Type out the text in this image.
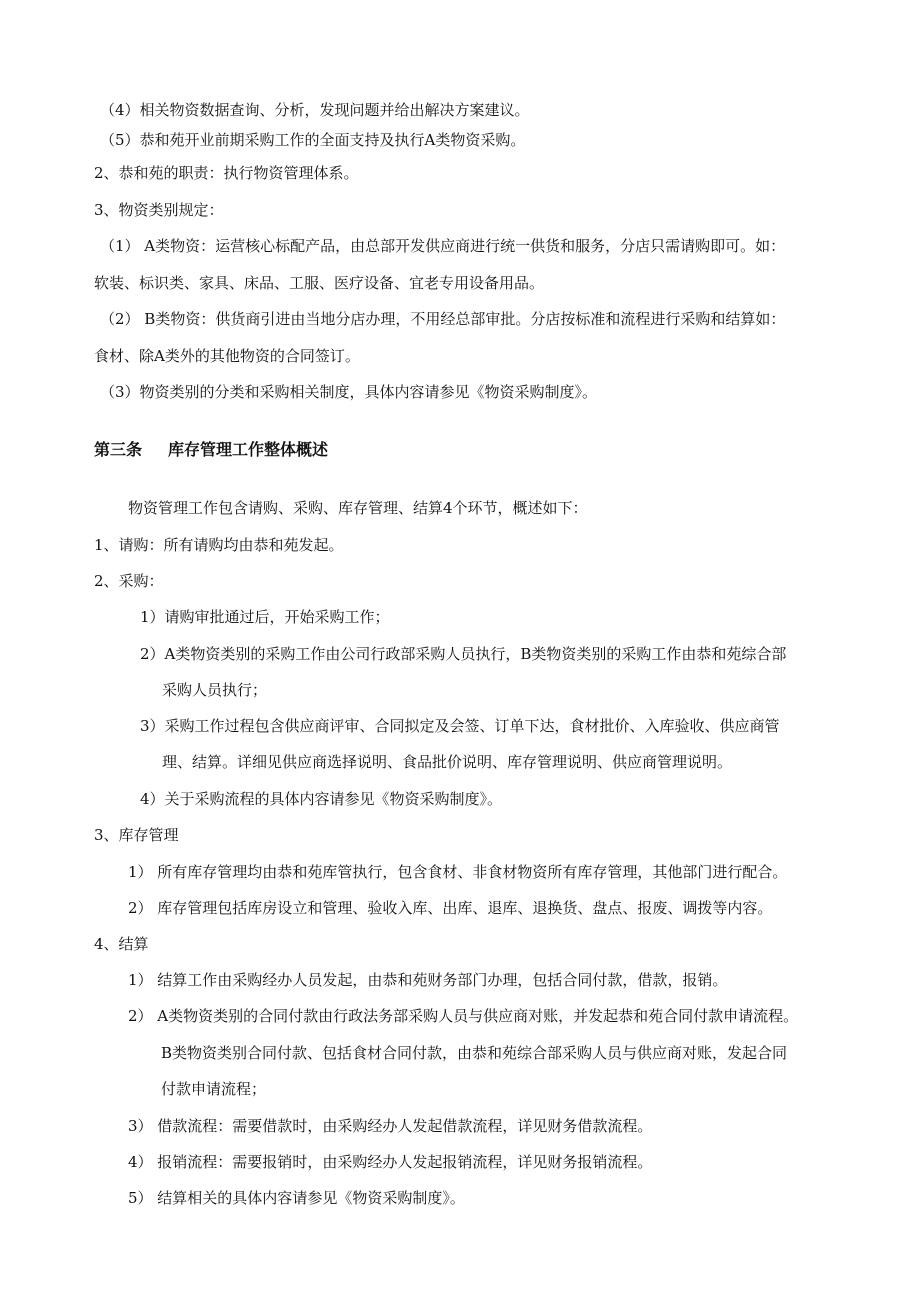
（4）相关物资数据查询、分析，发现问题并给出解决方案建议。
（5）恭和苑开业前期采购工作的全面支持及执行A类物资采购。
2、恭和苑的职责：执行物资管理体系。
3、物资类别规定：
（1） A类物资：运营核心标配产品，由总部开发供应商进行统一供货和服务，分店只需请购即可。如：
软装、标识类、家具、床品、工服、医疗设备、宜老专用设备用品。
（2） B类物资：供货商引进由当地分店办理，不用经总部审批。分店按标准和流程进行采购和结算如：
食材、除A类外的其他物资的合同签订。
（3）物资类别的分类和采购相关制度，具体内容请参见《物资采购制度》。
第三条 库存管理工作整体概述
物资管理工作包含请购、采购、库存管理、结算4个环节，概述如下：
1、请购：所有请购均由恭和苑发起。
2、采购：
1）请购审批通过后，开始采购工作；
2）A类物资类别的采购工作由公司行政部采购人员执行，B类物资类别的采购工作由恭和苑综合部
采购人员执行；
3）采购工作过程包含供应商评审、合同拟定及会签、订单下达，食材批价、入库验收、供应商管
理、结算。详细见供应商选择说明、食品批价说明、库存管理说明、供应商管理说明。
4）关于采购流程的具体内容请参见《物资采购制度》。
3、库存管理
1） 所有库存管理均由恭和苑库管执行，包含食材、非食材物资所有库存管理，其他部门进行配合。
2） 库存管理包括库房设立和管理、验收入库、出库、退库、退换货、盘点、报废、调拨等内容。
4、结算
1） 结算工作由采购经办人员发起，由恭和苑财务部门办理，包括合同付款，借款，报销。
2） A类物资类别的合同付款由行政法务部采购人员与供应商对账，并发起恭和苑合同付款申请流程。
B类物资类别合同付款、包括食材合同付款，由恭和苑综合部采购人员与供应商对账，发起合同
付款申请流程；
3） 借款流程：需要借款时，由采购经办人发起借款流程，详见财务借款流程。
4） 报销流程：需要报销时，由采购经办人发起报销流程，详见财务报销流程。
5） 结算相关的具体内容请参见《物资采购制度》。
